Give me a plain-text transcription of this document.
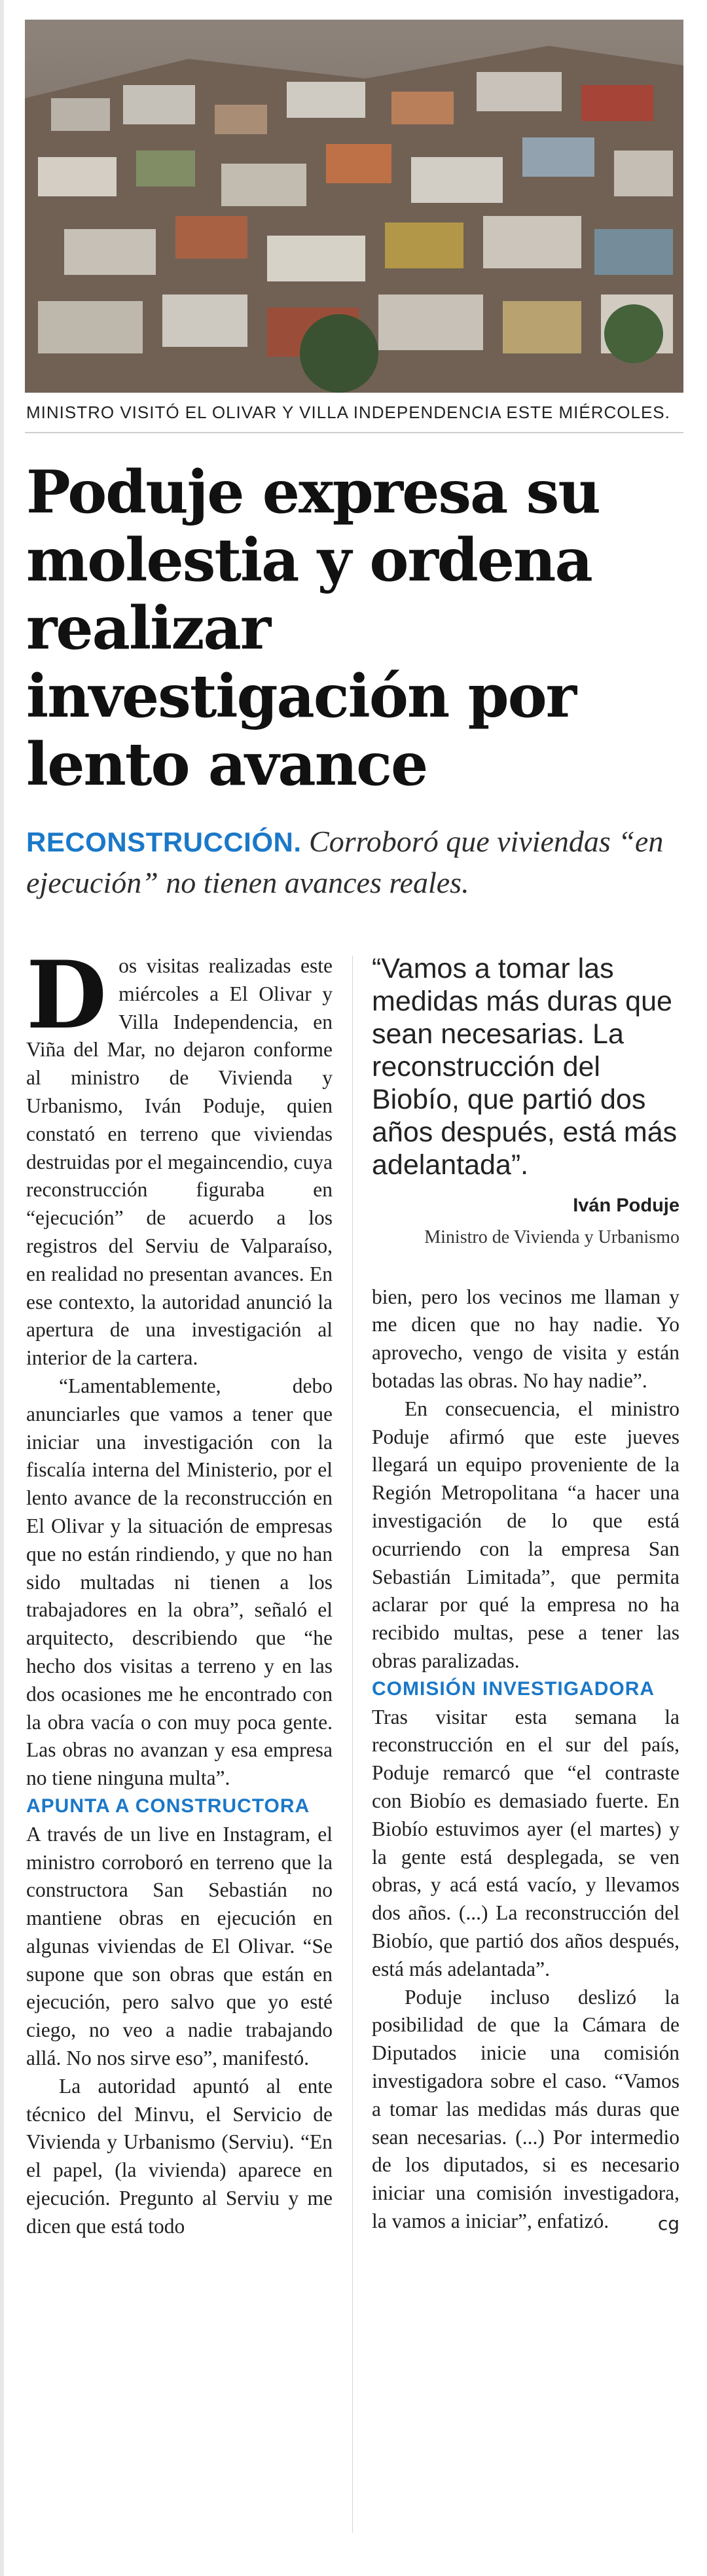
MINISTRO VISITÓ EL OLIVAR Y VILLA INDEPENDENCIA ESTE MIÉRCOLES.
Poduje expresa su molestia y ordena realizar investigación por lento avance
RECONSTRUCCIÓN. Corroboró que viviendas “en ejecución” no tienen avances reales.

Dos visitas realizadas este miércoles a El Olivar y Villa Independencia, en Viña del Mar, no dejaron conforme al ministro de Vivienda y Urbanismo, Iván Poduje, quien constató en terreno que viviendas destruidas por el megaincendio, cuya reconstrucción figuraba en “ejecución” de acuerdo a los registros del Serviu de Valparaíso, en realidad no presentan avances. En ese contexto, la autoridad anunció la apertura de una investigación al interior de la cartera.

“Lamentablemente, debo anunciarles que vamos a tener que iniciar una investigación con la fiscalía interna del Ministerio, por el lento avance de la reconstrucción en El Olivar y la situación de empresas que no están rindiendo, y que no han sido multadas ni tienen a los trabajadores en la obra”, señaló el arquitecto, describiendo que “he hecho dos visitas a terreno y en las dos ocasiones me he encontrado con la obra vacía o con muy poca gente. Las obras no avanzan y esa empresa no tiene ninguna multa”.

APUNTA A CONSTRUCTORA

A través de un live en Instagram, el ministro corroboró en terreno que la constructora San Sebastián no mantiene obras en ejecución en algunas viviendas de El Olivar. “Se supone que son obras que están en ejecución, pero salvo que yo esté ciego, no veo a nadie trabajando allá. No nos sirve eso”, manifestó.

La autoridad apuntó al ente técnico del Minvu, el Servicio de Vivienda y Urbanismo (Serviu). “En el papel, (la vivienda) aparece en ejecución. Pregunto al Serviu y me dicen que está todo

“Vamos a tomar las medidas más duras que sean necesarias. La reconstrucción del Biobío, que partió dos años después, está más adelantada”.
Iván Poduje
Ministro de Vivienda y Urbanismo

bien, pero los vecinos me llaman y me dicen que no hay nadie. Yo aprovecho, vengo de visita y están botadas las obras. No hay nadie”.

En consecuencia, el ministro Poduje afirmó que este jueves llegará un equipo proveniente de la Región Metropolitana “a hacer una investigación de lo que está ocurriendo con la empresa San Sebastián Limitada”, que permita aclarar por qué la empresa no ha recibido multas, pese a tener las obras paralizadas.

COMISIÓN INVESTIGADORA

Tras visitar esta semana la reconstrucción en el sur del país, Poduje remarcó que “el contraste con Biobío es demasiado fuerte. En Biobío estuvimos ayer (el martes) y la gente está desplegada, se ven obras, y acá está vacío, y llevamos dos años. (...) La reconstrucción del Biobío, que partió dos años después, está más adelantada”.

Poduje incluso deslizó la posibilidad de que la Cámara de Diputados inicie una comisión investigadora sobre el caso. “Vamos a tomar las medidas más duras que sean necesarias. (...) Por intermedio de los diputados, si es necesario iniciar una comisión investigadora, la vamos a iniciar”, enfatizó.	cg
